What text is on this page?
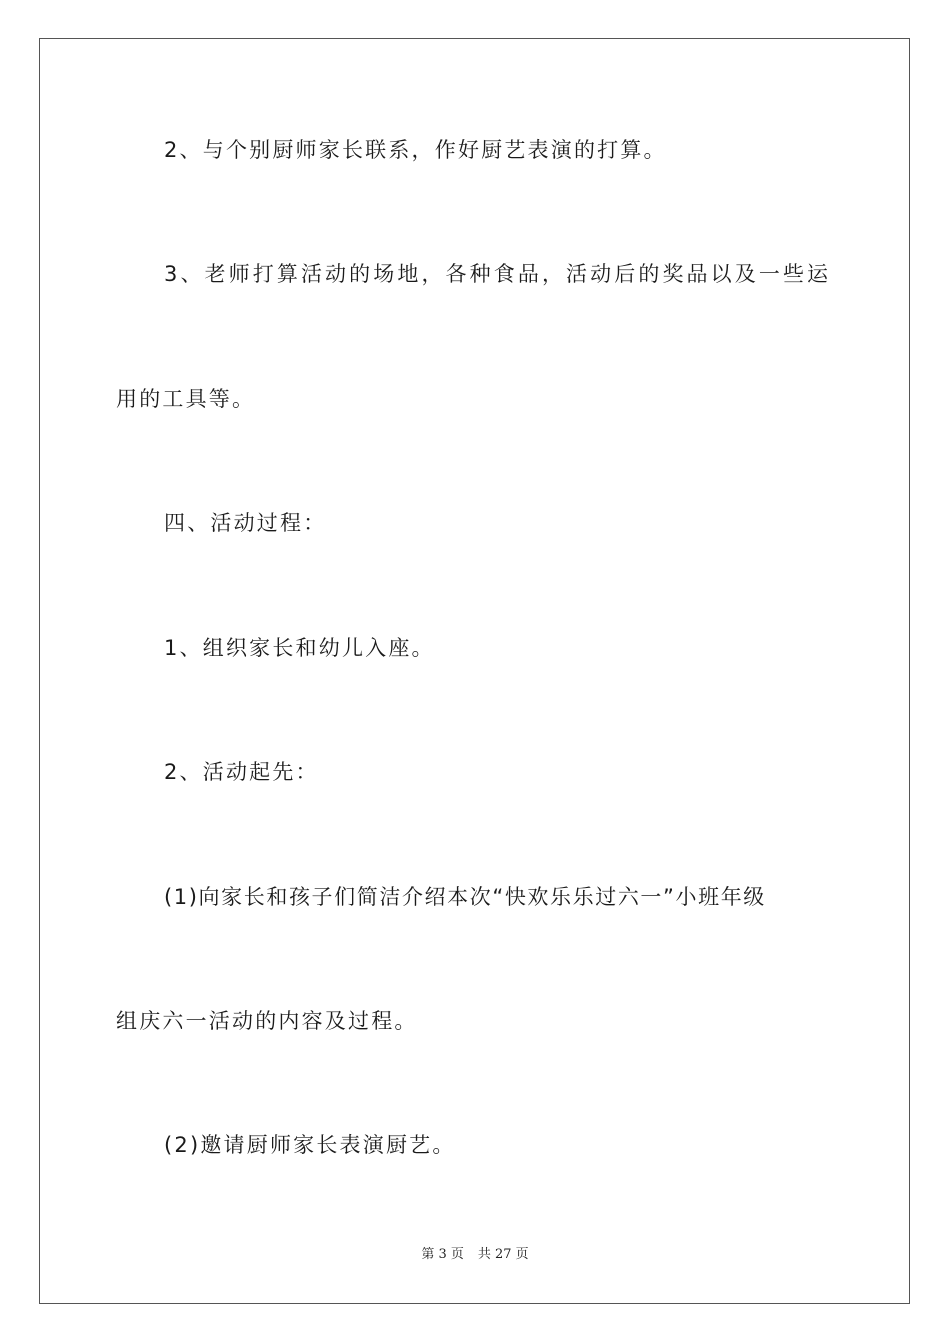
2、与个别厨师家长联系，作好厨艺表演的打算。
3、老师打算活动的场地，各种食品，活动后的奖品以及一些运
用的工具等。
四、活动过程：
1、组织家长和幼儿入座。
2、活动起先：
(1)向家长和孩子们简洁介绍本次“快欢乐乐过六一”小班年级
组庆六一活动的内容及过程。
(2)邀请厨师家长表演厨艺。
第 3 页 共 27 页
